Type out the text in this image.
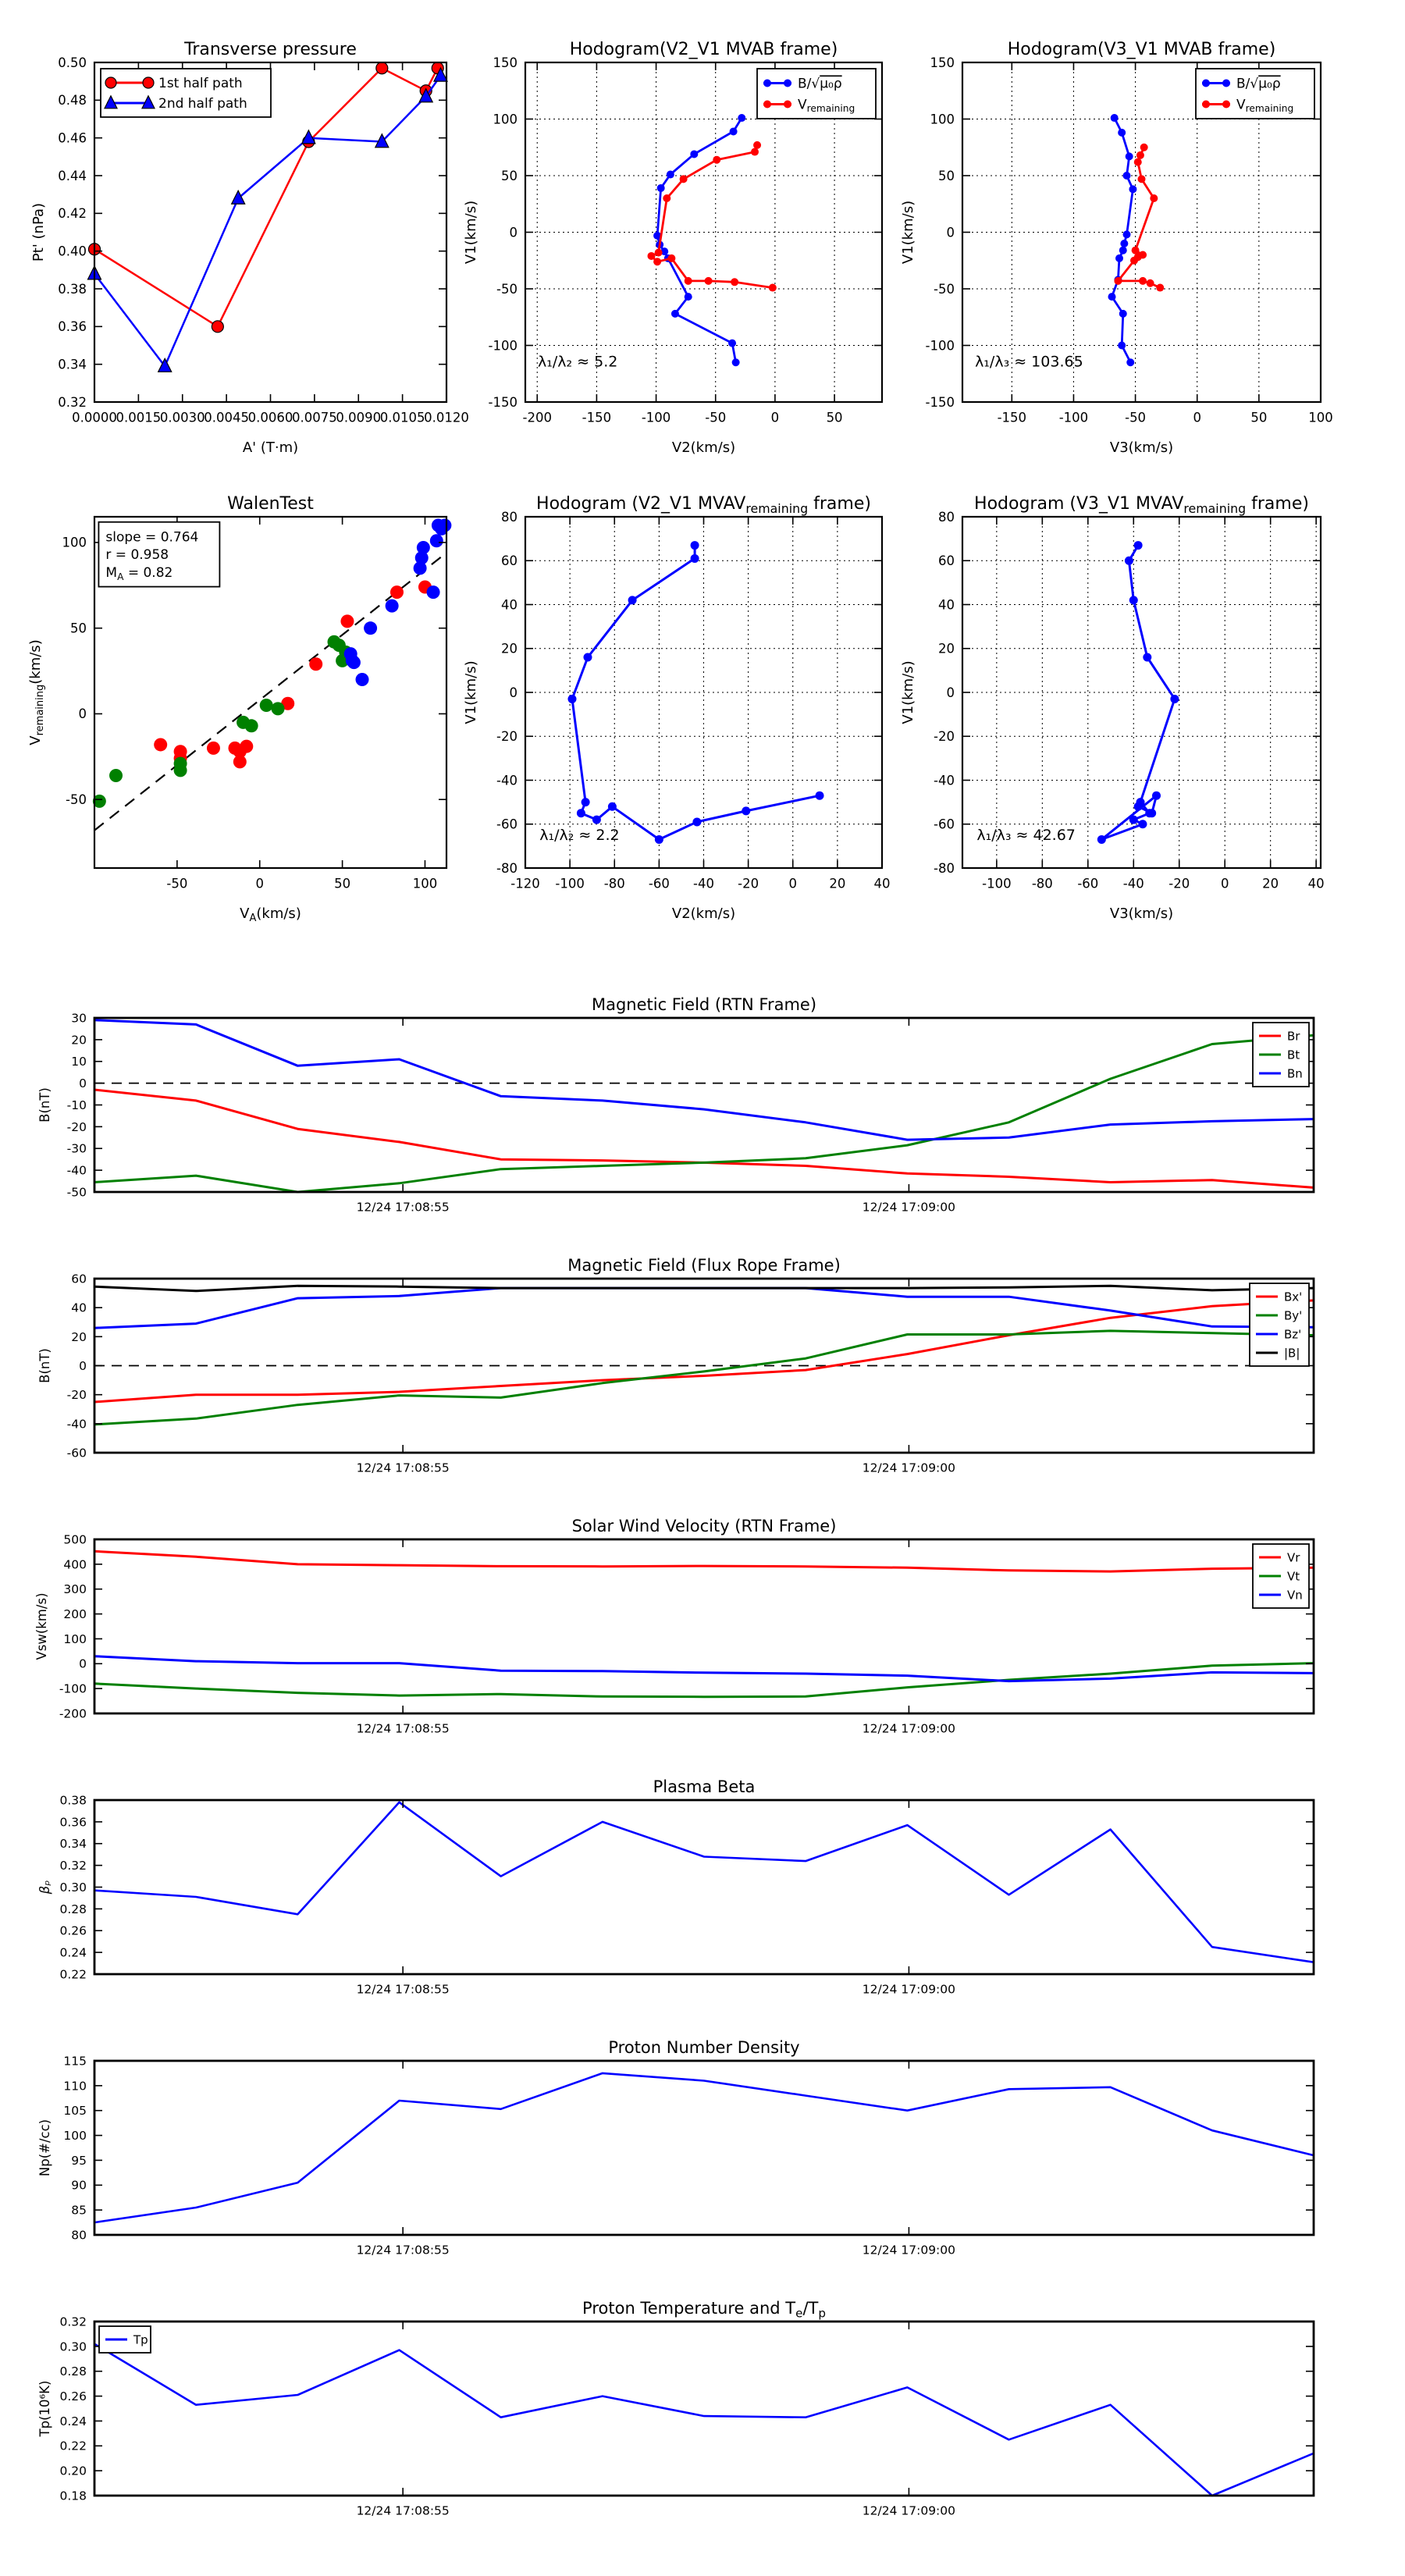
0.0000
0.0015
0.0030
0.0045
0.0060
0.0075
0.0090
0.0105
0.0120
0.32
0.34
0.36
0.38
0.40
0.42
0.44
0.46
0.48
0.50
Transverse pressure
A' (T·m)
Pt' (nPa)
1st half path
2nd half path
-200 -150 -100	-50	0	50
-150
-100
-50
0
50
100
150
Hodogram(V2_V1 MVAB frame)
V2(km/s)
V1(km/s)
λ₁/λ₂ ≈ 5.2
B/√μ₀ρ
$V_{remaining}$
-150	-100	-50	0	50	100
-150
-100
-50
0
50
100
150
Hodogram(V3_V1 MVAB frame)
V3(km/s)
V1(km/s)
λ₁/λ₃ ≈ 103.65
B/√μ₀ρ
$V_{remaining}$
-50	0	50	100
-50
0
50
100
WalenTest
$V_A(km/s)$
$V_{remaining}(km/s)$
slope = 0.764
r = 0.958
$M_A = 0.82$
-120 -100 -80 -60 -40 -20 0	20 40
-80
-60
-40
-20
0
20
40
60
80
Hodogram (V2_V1 $MVAV_{remaining}$ frame)
V2(km/s)
V1(km/s)
λ₁/λ₂ ≈ 2.2
-100 -80 -60 -40 -20 0	20 40
-80
-60
-40
-20
0
20
40
60
80
Hodogram (V3_V1 $MVAV_{remaining}$ frame)
V3(km/s)
V1(km/s)
λ₁/λ₃ ≈ 42.67
12/24 17:08:55	12/24 17:09:00
-50
-40
-30
-20
-10
0
10
20
30
Magnetic Field (RTN Frame)
B(nT)
Br
Bt
Bn
12/24 17:08:55	12/24 17:09:00
-60
-40
-20
0
20
40
60
Magnetic Field (Flux Rope Frame)
B(nT)
Bx'
By'
Bz'
|B|
12/24 17:08:55	12/24 17:09:00
-200
-100
0
100
200
300
400
500
Solar Wind Velocity (RTN Frame)
Vsw(km/s)
Vr
Vt
Vn
12/24 17:08:55	12/24 17:09:00
0.22
0.24
0.26
0.28
0.30
0.32
0.34
0.36
0.38
Plasma Beta
βₚ
12/24 17:08:55	12/24 17:09:00
80
85
90
95
100
105
110
115
Proton Number Density
Np(#/cc)
12/24 17:08:55	12/24 17:09:00
0.18
0.20
0.22
0.24
0.26
0.28
0.30
0.32
Proton Temperature and $T_e/T_p$
Tp(10⁶K)
Tp
